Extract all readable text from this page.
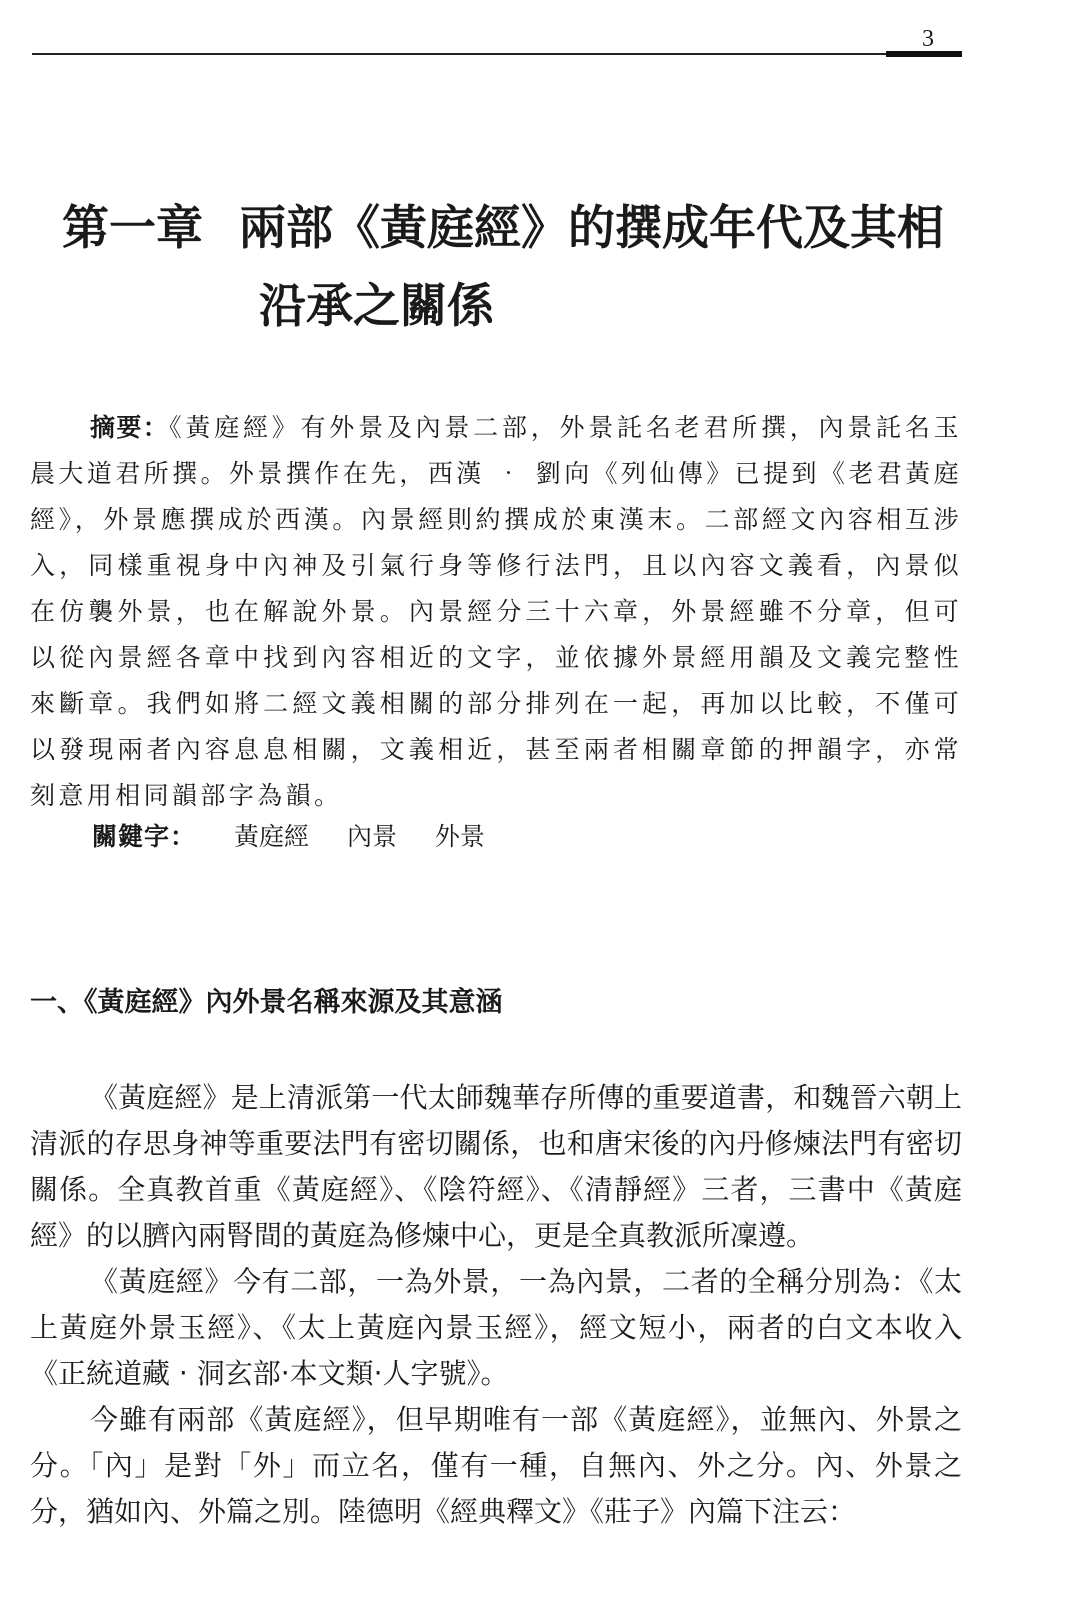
3
第一章 兩部《黃庭經》的撰成年代及其相
沿承之關係
摘要：《黃庭經》有外景及內景二部，外景託名老君所撰，內景託名玉晨大道君所撰。外景撰作在先，西漢 ‧ 劉向《列仙傳》已提到《老君黃庭經》，外景應撰成於西漢。內景經則約撰成於東漢末。二部經文內容相互涉入，同樣重視身中內神及引氣行身等修行法門，且以內容文義看，內景似在仿襲外景，也在解說外景。內景經分三十六章，外景經雖不分章，但可以從內景經各章中找到內容相近的文字，並依據外景經用韻及文義完整性來斷章。我們如將二經文義相關的部分排列在一起，再加以比較，不僅可以發現兩者內容息息相關，文義相近，甚至兩者相關章節的押韻字，亦常刻意用相同韻部字為韻。
關鍵字： 黃庭經 內景 外景
一、《黃庭經》內外景名稱來源及其意涵
《黃庭經》是上清派第一代太師魏華存所傳的重要道書，和魏晉六朝上清派的存思身神等重要法門有密切關係，也和唐宋後的內丹修煉法門有密切關係。全真教首重《黃庭經》、《陰符經》、《清靜經》三者，三書中《黃庭經》的以臍內兩腎間的黃庭為修煉中心，更是全真教派所凜遵。
《黃庭經》今有二部，一為外景，一為內景，二者的全稱分別為：《太上黃庭外景玉經》、《太上黃庭內景玉經》，經文短小，兩者的白文本收入《正統道藏 ‧ 洞玄部‧本文類‧人字號》。
今雖有兩部《黃庭經》，但早期唯有一部《黃庭經》，並無內、外景之分。「內」是對「外」而立名，僅有一種，自無內、外之分。內、外景之分，猶如內、外篇之別。陸德明《經典釋文》《莊子》內篇下注云：
